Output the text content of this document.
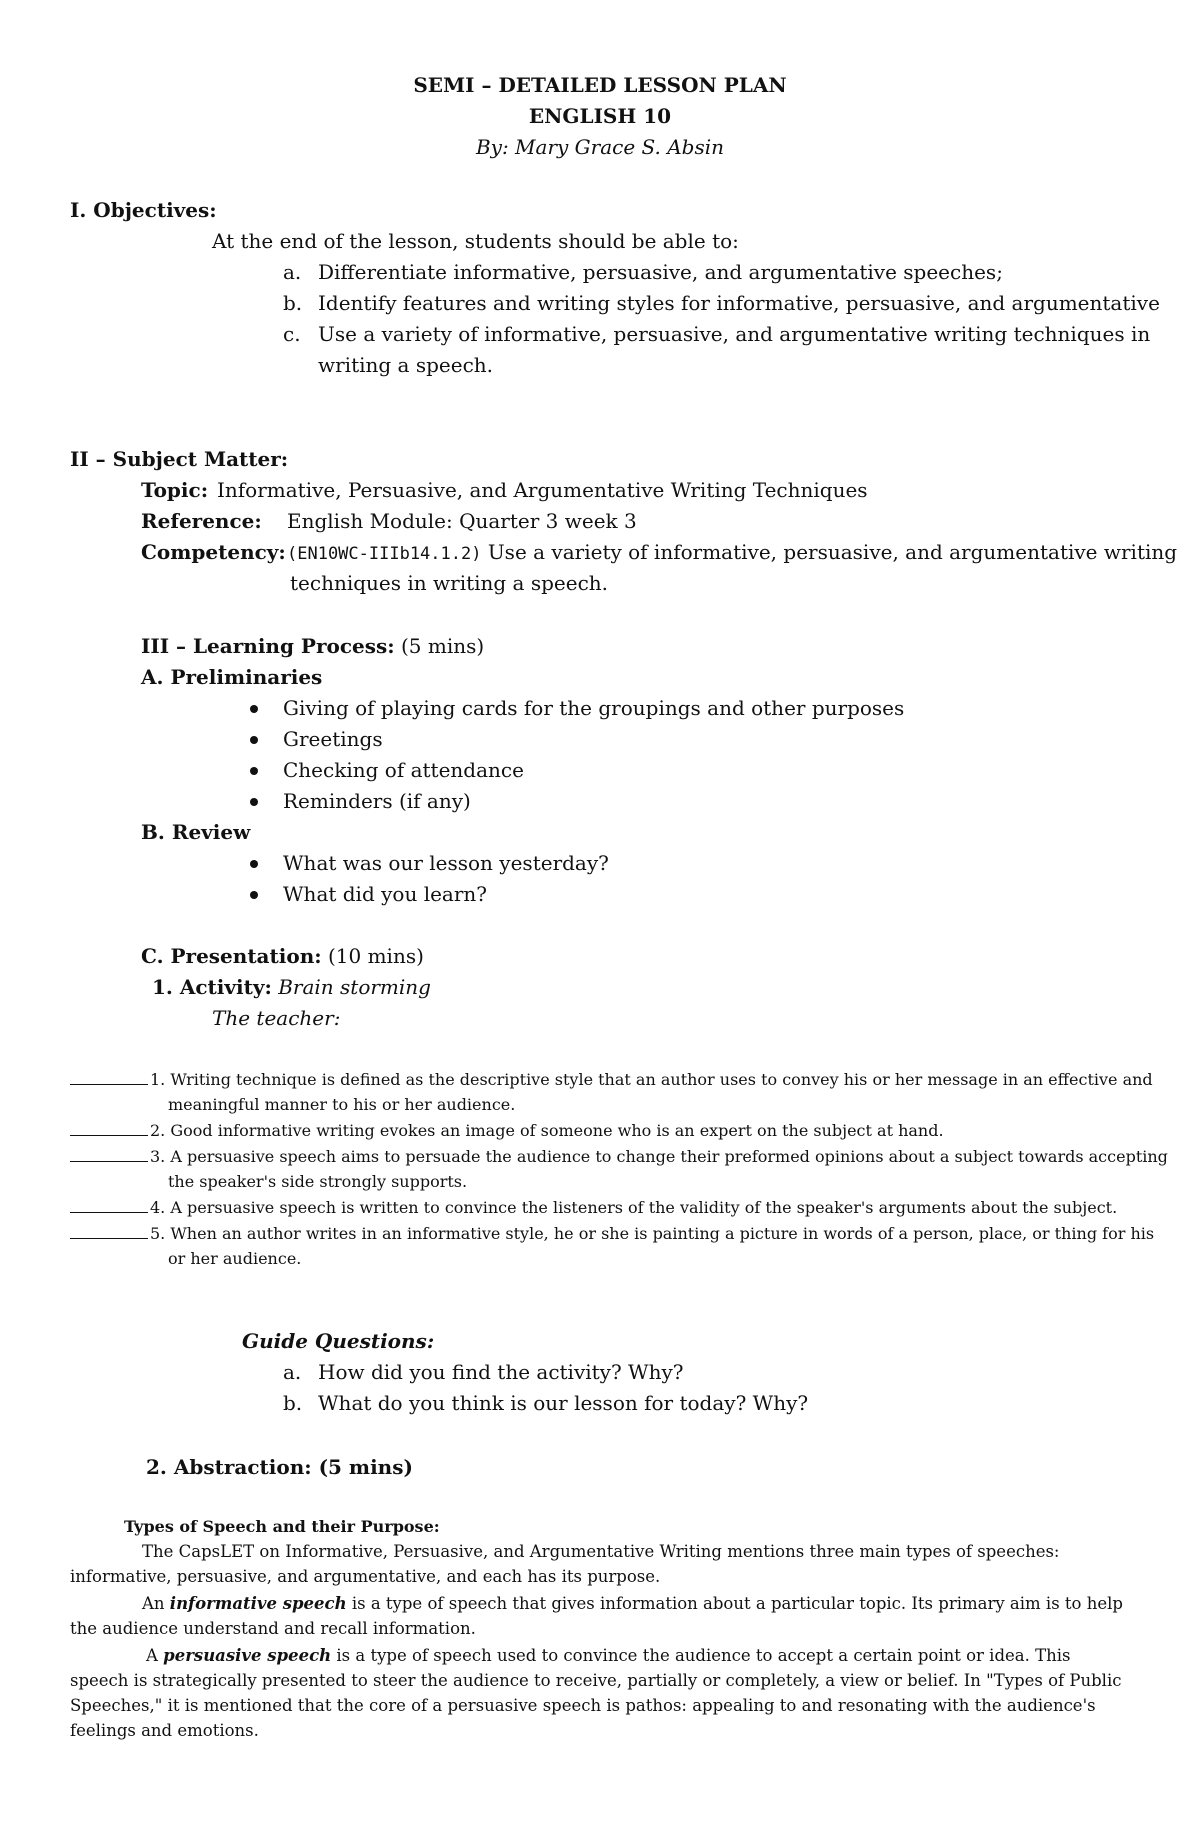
SEMI – DETAILED LESSON PLAN
ENGLISH 10
By: Mary Grace S. Absin
I. Objectives:
At the end of the lesson, students should be able to:
a. Differentiate informative, persuasive, and argumentative speeches;
b. Identify features and writing styles for informative, persuasive, and argumentative
c. Use a variety of informative, persuasive, and argumentative writing techniques in
writing a speech.
II – Subject Matter:
Topic: Informative, Persuasive, and Argumentative Writing Techniques
Reference: English Module: Quarter 3 week 3
Competency: (EN10WC-IIIb14.1.2) Use a variety of informative, persuasive, and argumentative writing
techniques in writing a speech.
III – Learning Process: (5 mins)
A. Preliminaries
Giving of playing cards for the groupings and other purposes
Greetings
Checking of attendance
Reminders (if any)
B. Review
What was our lesson yesterday?
What did you learn?
C. Presentation: (10 mins)
1. Activity: Brain storming
The teacher:
1. Writing technique is defined as the descriptive style that an author uses to convey his or her message in an effective and
meaningful manner to his or her audience.
2. Good informative writing evokes an image of someone who is an expert on the subject at hand.
3. A persuasive speech aims to persuade the audience to change their preformed opinions about a subject towards accepting
the speaker's side strongly supports.
4. A persuasive speech is written to convince the listeners of the validity of the speaker's arguments about the subject.
5. When an author writes in an informative style, he or she is painting a picture in words of a person, place, or thing for his
or her audience.
Guide Questions:
a. How did you find the activity? Why?
b. What do you think is our lesson for today? Why?
2. Abstraction: (5 mins)
Types of Speech and their Purpose:
The CapsLET on Informative, Persuasive, and Argumentative Writing mentions three main types of speeches: informative, persuasive, and argumentative, and each has its purpose.
An informative speech is a type of speech that gives information about a particular topic. Its primary aim is to help the audience understand and recall information.
A persuasive speech is a type of speech used to convince the audience to accept a certain point or idea. This speech is strategically presented to steer the audience to receive, partially or completely, a view or belief. In "Types of Public Speeches," it is mentioned that the core of a persuasive speech is pathos: appealing to and resonating with the audience's feelings and emotions.
